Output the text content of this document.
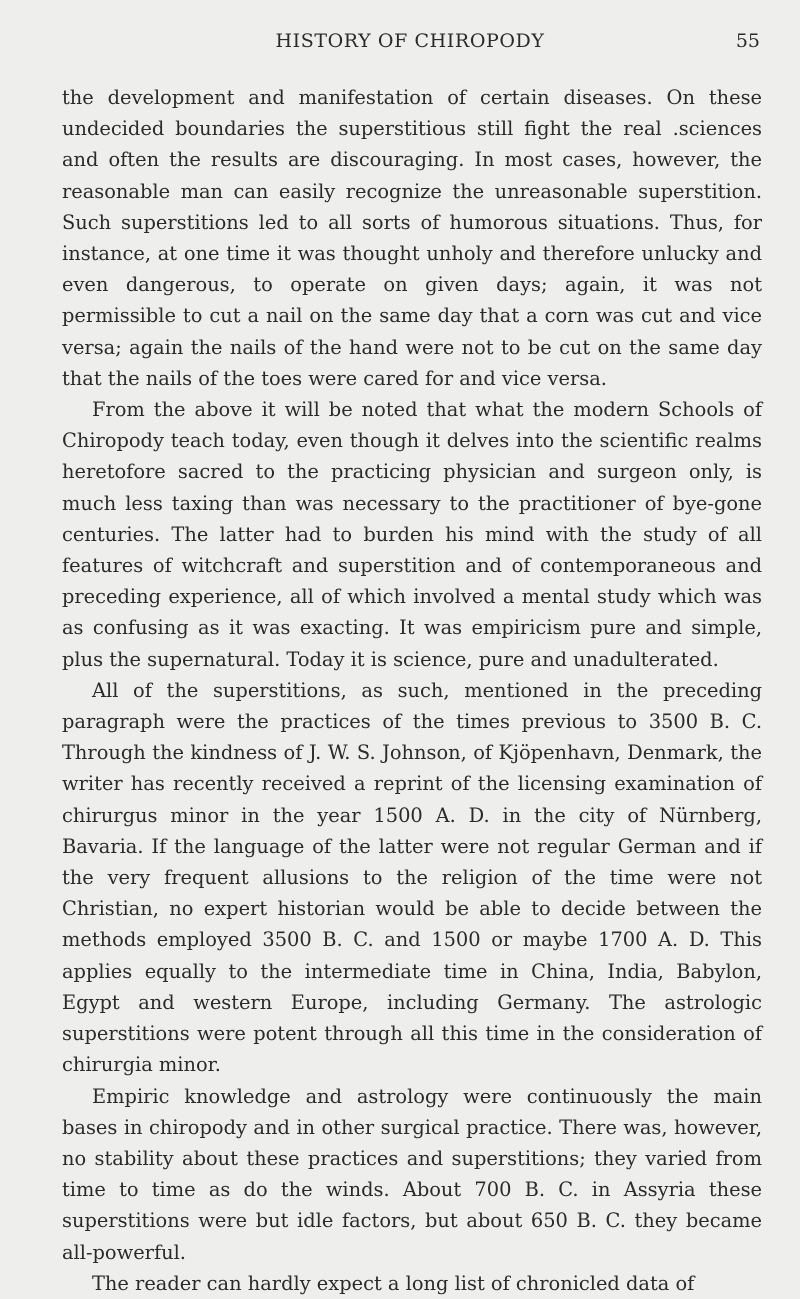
HISTORY OF CHIROPODY	55

the development and manifestation of certain diseases. On these undecided boundaries the superstitious still fight the real .sciences and often the results are discouraging. In most cases, however, the reasonable man can easily recognize the unreasonable superstition. Such superstitions led to all sorts of humorous situations. Thus, for instance, at one time it was thought unholy and therefore unlucky and even dangerous, to operate on given days; again, it was not permissible to cut a nail on the same day that a corn was cut and vice versa; again the nails of the hand were not to be cut on the same day that the nails of the toes were cared for and vice versa.

From the above it will be noted that what the modern Schools of Chiropody teach today, even though it delves into the scientific realms heretofore sacred to the practicing physician and surgeon only, is much less taxing than was necessary to the practitioner of bye-gone centuries. The latter had to burden his mind with the study of all features of witchcraft and superstition and of contemporaneous and preceding experience, all of which involved a mental study which was as confusing as it was exacting. It was empiricism pure and simple, plus the supernatural. Today it is science, pure and unadulterated.

All of the superstitions, as such, mentioned in the preceding paragraph were the practices of the times previous to 3500 B. C. Through the kindness of J. W. S. Johnson, of Kjöpenhavn, Denmark, the writer has recently received a reprint of the licensing examination of chirurgus minor in the year 1500 A. D. in the city of Nürnberg, Bavaria. If the language of the latter were not regular German and if the very frequent allusions to the religion of the time were not Christian, no expert historian would be able to decide between the methods employed 3500 B. C. and 1500 or maybe 1700 A. D. This applies equally to the intermediate time in China, India, Babylon, Egypt and western Europe, including Germany. The astrologic superstitions were potent through all this time in the consideration of chirurgia minor.

Empiric knowledge and astrology were continuously the main bases in chiropody and in other surgical practice. There was, however, no stability about these practices and superstitions; they varied from time to time as do the winds. About 700 B. C. in Assyria these superstitions were but idle factors, but about 650 B. C. they became all-powerful.

The reader can hardly expect a long list of chronicled data of
